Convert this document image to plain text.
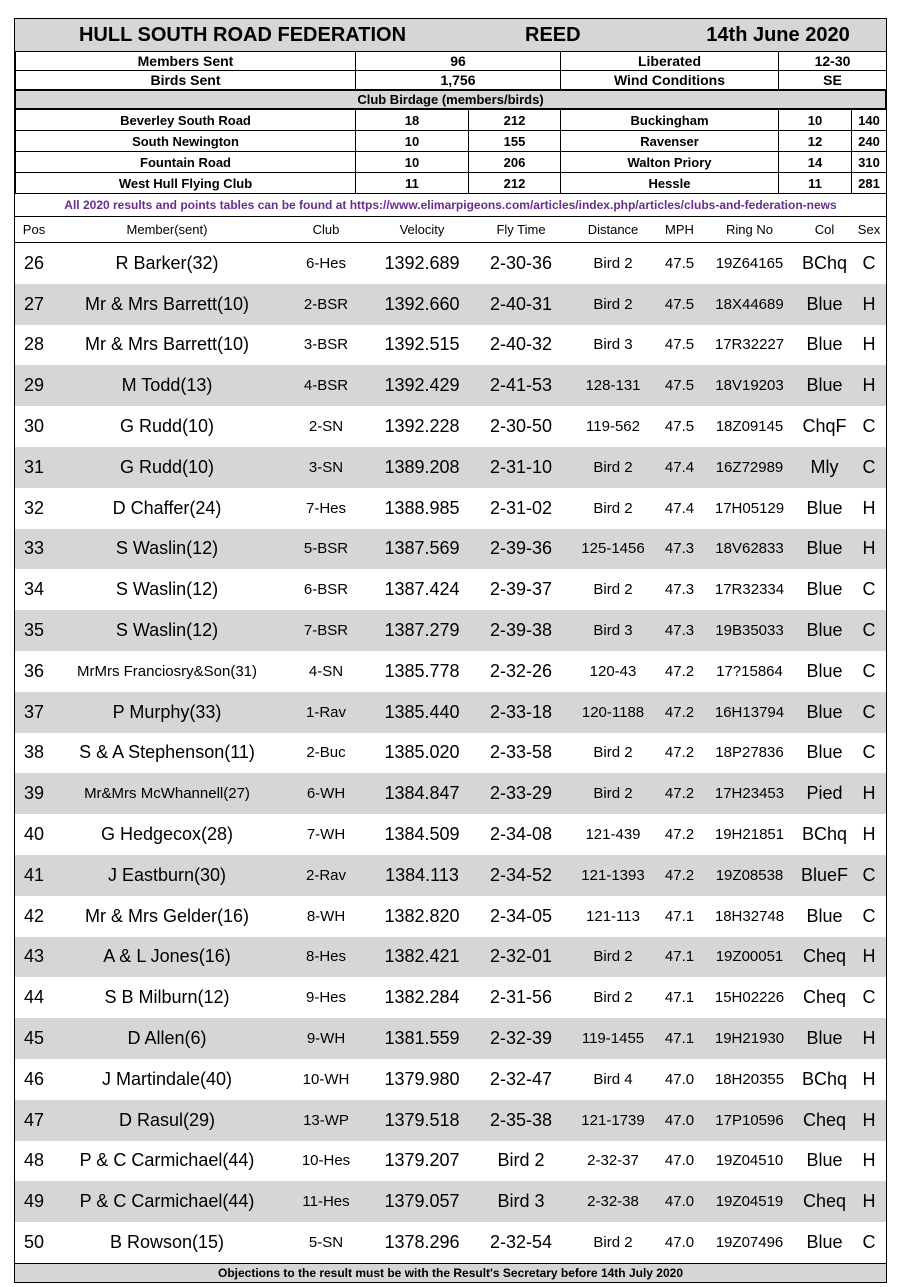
HULL SOUTH ROAD FEDERATION	REED	14th June 2020
Members Sent	96	Liberated	12-30
Birds Sent	1,756	Wind Conditions	SE
Club Birdage (members/birds)
Beverley South Road	18	212	Buckingham	10	140
South Newington	10	155	Ravenser	12	240
Fountain Road	10	206	Walton Priory	14	310
West Hull Flying Club	11	212	Hessle	11	281
All 2020 results and points tables can be found at https://www.elimarpigeons.com/articles/index.php/articles/clubs-and-federation-news
Pos	Member(sent)	Club	Velocity	Fly Time	Distance	MPH	Ring No	Col	Sex
26	R Barker(32)	6-Hes	1392.689	2-30-36	Bird 2	47.5	19Z64165	BChq	C
27	Mr & Mrs Barrett(10)	2-BSR	1392.660	2-40-31	Bird 2	47.5	18X44689	Blue	H
28	Mr & Mrs Barrett(10)	3-BSR	1392.515	2-40-32	Bird 3	47.5	17R32227	Blue	H
29	M Todd(13)	4-BSR	1392.429	2-41-53	128-131	47.5	18V19203	Blue	H
30	G Rudd(10)	2-SN	1392.228	2-30-50	119-562	47.5	18Z09145	ChqF	C
31	G Rudd(10)	3-SN	1389.208	2-31-10	Bird 2	47.4	16Z72989	Mly	C
32	D Chaffer(24)	7-Hes	1388.985	2-31-02	Bird 2	47.4	17H05129	Blue	H
33	S Waslin(12)	5-BSR	1387.569	2-39-36	125-1456	47.3	18V62833	Blue	H
34	S Waslin(12)	6-BSR	1387.424	2-39-37	Bird 2	47.3	17R32334	Blue	C
35	S Waslin(12)	7-BSR	1387.279	2-39-38	Bird 3	47.3	19B35033	Blue	C
36	MrMrs Franciosry&Son(31)	4-SN	1385.778	2-32-26	120-43	47.2	17?15864	Blue	C
37	P Murphy(33)	1-Rav	1385.440	2-33-18	120-1188	47.2	16H13794	Blue	C
38	S & A Stephenson(11)	2-Buc	1385.020	2-33-58	Bird 2	47.2	18P27836	Blue	C
39	Mr&Mrs McWhannell(27)	6-WH	1384.847	2-33-29	Bird 2	47.2	17H23453	Pied	H
40	G Hedgecox(28)	7-WH	1384.509	2-34-08	121-439	47.2	19H21851	BChq	H
41	J Eastburn(30)	2-Rav	1384.113	2-34-52	121-1393	47.2	19Z08538	BlueF	C
42	Mr & Mrs Gelder(16)	8-WH	1382.820	2-34-05	121-113	47.1	18H32748	Blue	C
43	A & L Jones(16)	8-Hes	1382.421	2-32-01	Bird 2	47.1	19Z00051	Cheq	H
44	S B Milburn(12)	9-Hes	1382.284	2-31-56	Bird 2	47.1	15H02226	Cheq	C
45	D Allen(6)	9-WH	1381.559	2-32-39	119-1455	47.1	19H21930	Blue	H
46	J Martindale(40)	10-WH	1379.980	2-32-47	Bird 4	47.0	18H20355	BChq	H
47	D Rasul(29)	13-WP	1379.518	2-35-38	121-1739	47.0	17P10596	Cheq	H
48	P & C Carmichael(44)	10-Hes	1379.207	Bird 2	2-32-37	47.0	19Z04510	Blue	H
49	P & C Carmichael(44)	11-Hes	1379.057	Bird 3	2-32-38	47.0	19Z04519	Cheq	H
50	B Rowson(15)	5-SN	1378.296	2-32-54	Bird 2	47.0	19Z07496	Blue	C
Objections to the result must be with the Result's Secretary before 14th July 2020
